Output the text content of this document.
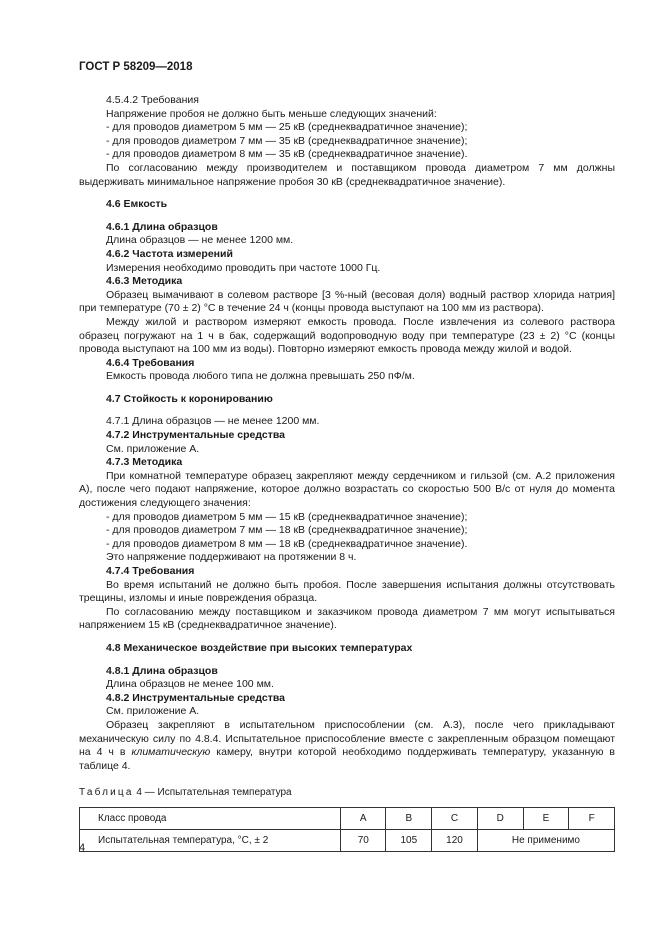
ГОСТ Р 58209—2018

4.5.4.2 Требования

Напряжение пробоя не должно быть меньше следующих значений:

- для проводов диаметром 5 мм — 25 кВ (среднеквадратичное значение);

- для проводов диаметром 7 мм — 35 кВ (среднеквадратичное значение);

- для проводов диаметром 8 мм — 35 кВ (среднеквадратичное значение).

По согласованию между производителем и поставщиком провода диаметром 7 мм должны выдерживать минимальное напряжение пробоя 30 кВ (среднеквадратичное значение).

4.6 Емкость

4.6.1 Длина образцов

Длина образцов — не менее 1200 мм.

4.6.2 Частота измерений

Измерения необходимо проводить при частоте 1000 Гц.

4.6.3 Методика

Образец вымачивают в солевом растворе [3 %-ный (весовая доля) водный раствор хлорида натрия] при температуре (70 ± 2) °С в течение 24 ч (концы провода выступают на 100 мм из раствора).

Между жилой и раствором измеряют емкость провода. После извлечения из солевого раствора образец погружают на 1 ч в бак, содержащий водопроводную воду при температуре (23 ± 2) °С (концы провода выступают на 100 мм из воды). Повторно измеряют емкость провода между жилой и водой.

4.6.4 Требования

Емкость провода любого типа не должна превышать 250 пФ/м.

4.7 Стойкость к коронированию

4.7.1 Длина образцов — не менее 1200 мм.

4.7.2 Инструментальные средства

См. приложение А.

4.7.3 Методика

При комнатной температуре образец закрепляют между сердечником и гильзой (см. А.2 приложения А), после чего подают напряжение, которое должно возрастать со скоростью 500 В/с от нуля до момента достижения следующего значения:

- для проводов диаметром 5 мм — 15 кВ (среднеквадратичное значение);

- для проводов диаметром 7 мм — 18 кВ (среднеквадратичное значение);

- для проводов диаметром 8 мм — 18 кВ (среднеквадратичное значение).

Это напряжение поддерживают на протяжении 8 ч.

4.7.4 Требования

Во время испытаний не должно быть пробоя. После завершения испытания должны отсутствовать трещины, изломы и иные повреждения образца.

По согласованию между поставщиком и заказчиком провода диаметром 7 мм могут испытываться напряжением 15 кВ (среднеквадратичное значение).

4.8 Механическое воздействие при высоких температурах

4.8.1 Длина образцов

Длина образцов не менее 100 мм.

4.8.2 Инструментальные средства

См. приложение А.

Образец закрепляют в испытательном приспособлении (см. А.3), после чего прикладывают механическую силу по 4.8.4. Испытательное приспособление вместе с закрепленным образцом помещают на 4 ч в климатическую камеру, внутри которой необходимо поддерживать температуру, указанную в таблице 4.

Таблица 4 — Испытательная температура

Класс провода	A	B	C	D	E	F
Испытательная температура, °С, ± 2	70	105	120	Не применимо		
4
